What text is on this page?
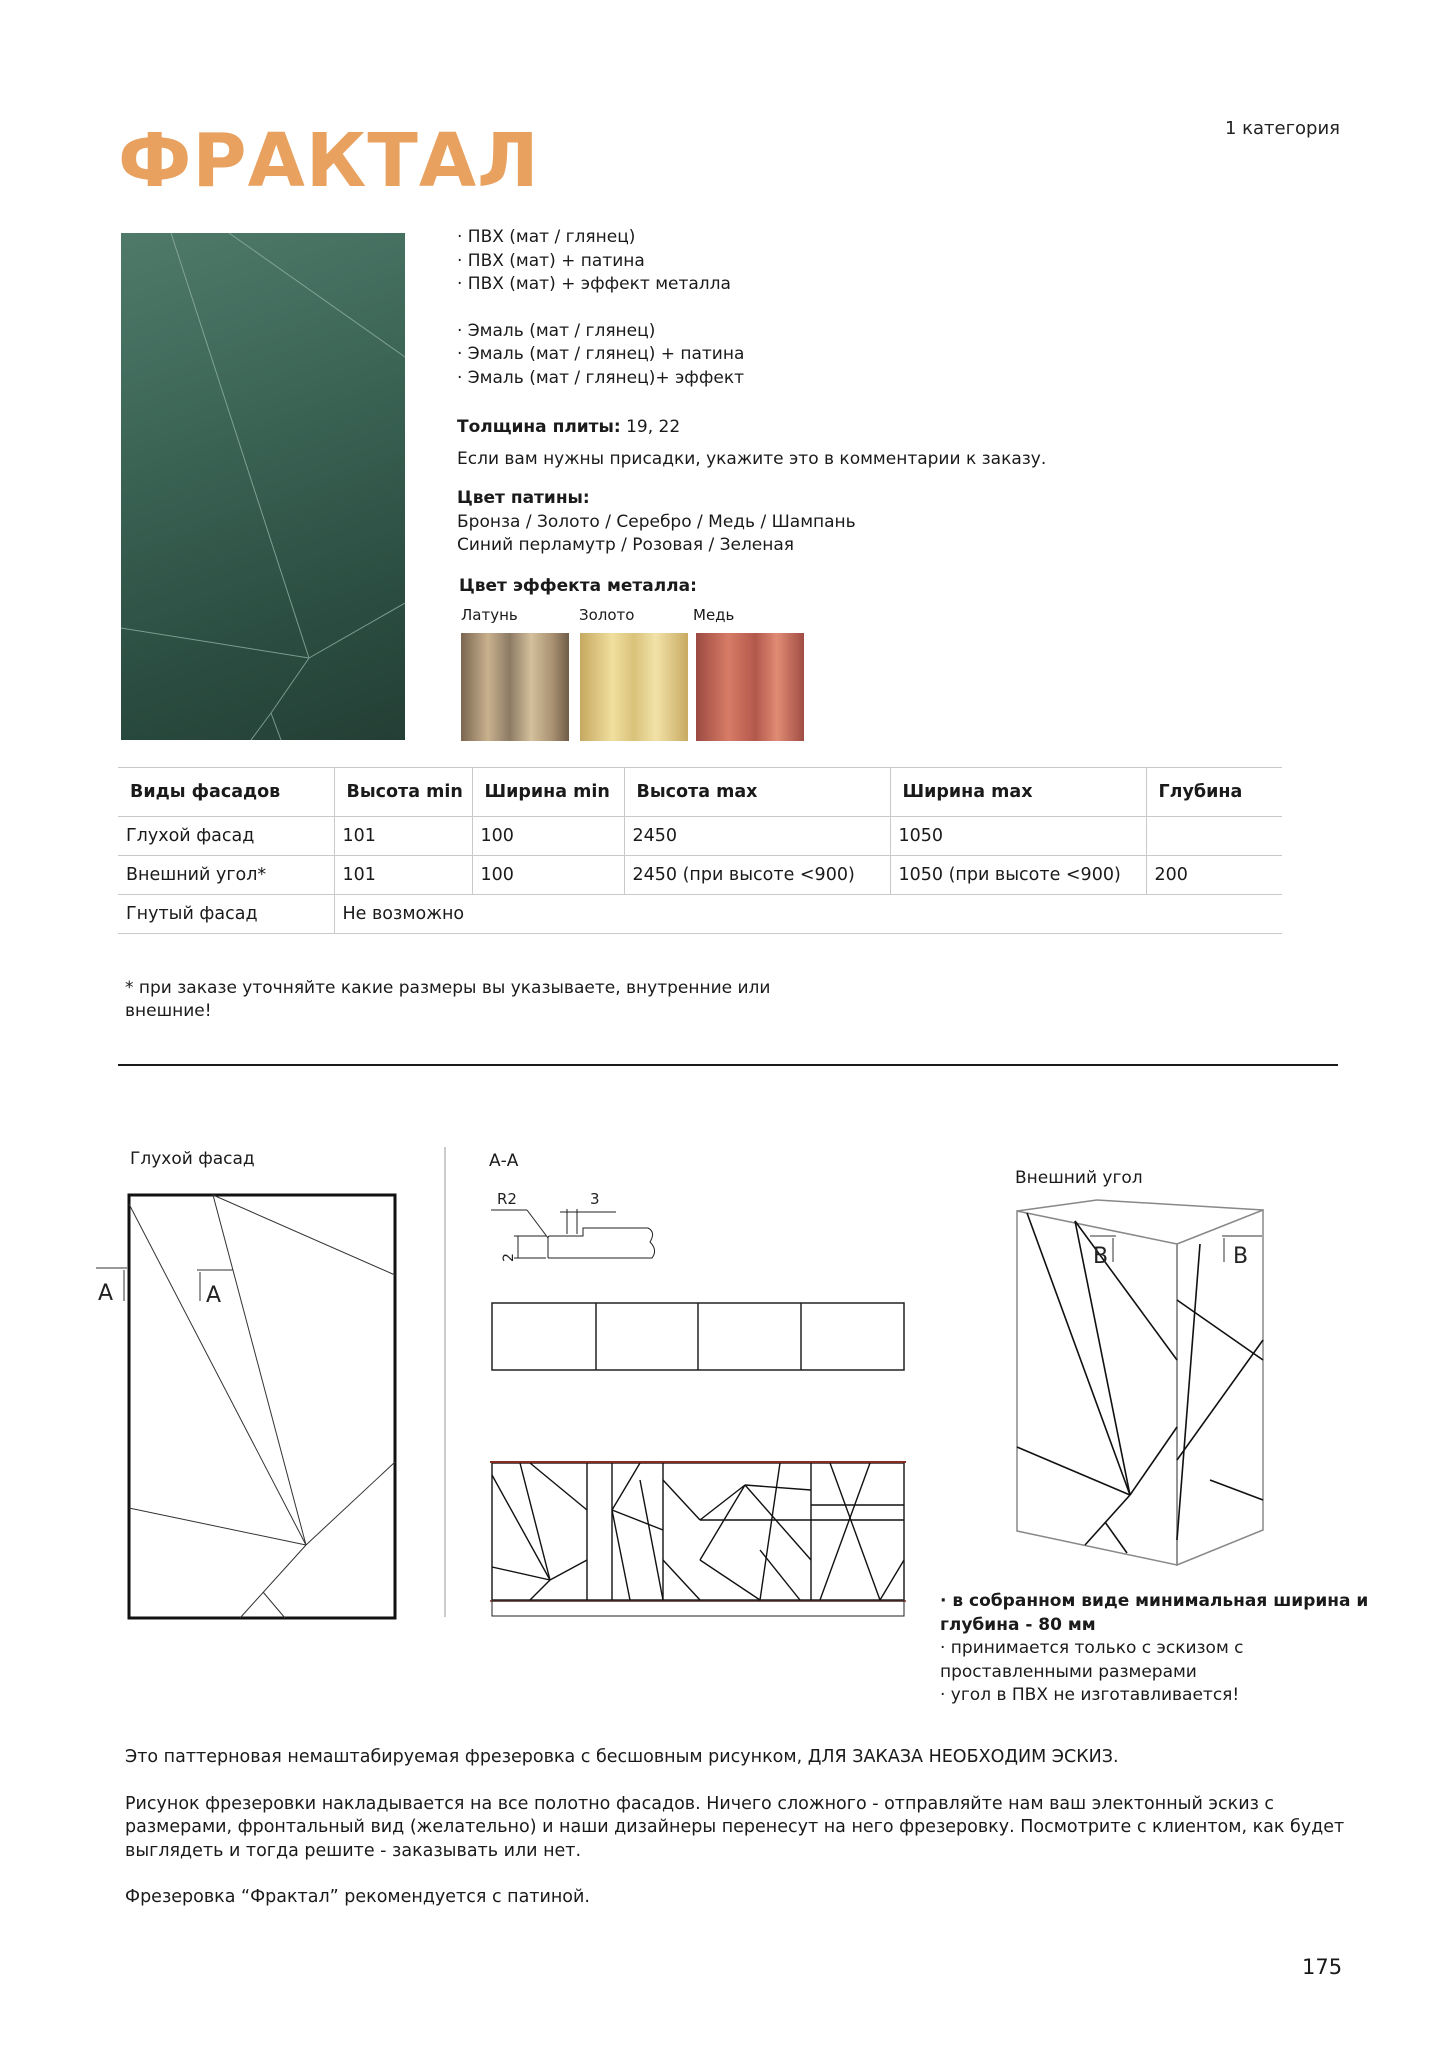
ФРАКТАЛ	1 категория
· ПВХ (мат / глянец)
· ПВХ (мат) + патина
· ПВХ (мат) + эффект металла
· Эмаль (мат / глянец)
· Эмаль (мат / глянец) + патина
· Эмаль (мат / глянец)+ эффект
Толщина плиты: 19, 22
Если вам нужны присадки, укажите это в комментарии к заказу.
Цвет патины:
Бронза / Золото / Серебро / Медь / Шампань
Синий перламутр / Розовая / Зеленая
Цвет эффекта металла:
Латунь	Золото	Медь
Виды фасадов	Высота min	Ширина min	Высота max	Ширина max	Глубина
Глухой фасад	101	100	2450	1050	
Внешний угол*	101	100	2450 (при высоте <900)	1050 (при высоте <900)	200
Гнутый фасад	Не возможно				
* при заказе уточняйте какие размеры вы указываете, внутренние или внешние!
Глухой фасад	А-А
Внешний угол
A	A
R2	3
2	B	B
· в собранном виде минимальная ширина и глубина - 80 мм
· принимается только с эскизом с проставленными размерами
· угол в ПВХ не изготавливается!

Это паттерновая немаштабируемая фрезеровка с бесшовным рисунком, ДЛЯ ЗАКАЗА НЕОБХОДИМ ЭСКИЗ.

Рисунок фрезеровки накладывается на все полотно фасадов. Ничего сложного - отправляйте нам ваш электонный эскиз с размерами, фронтальный вид (желательно) и наши дизайнеры перенесут на него фрезеровку. Посмотрите с клиентом, как будет выглядеть и тогда решите - заказывать или нет.

Фрезеровка “Фрактал” рекомендуется с патиной.

175
